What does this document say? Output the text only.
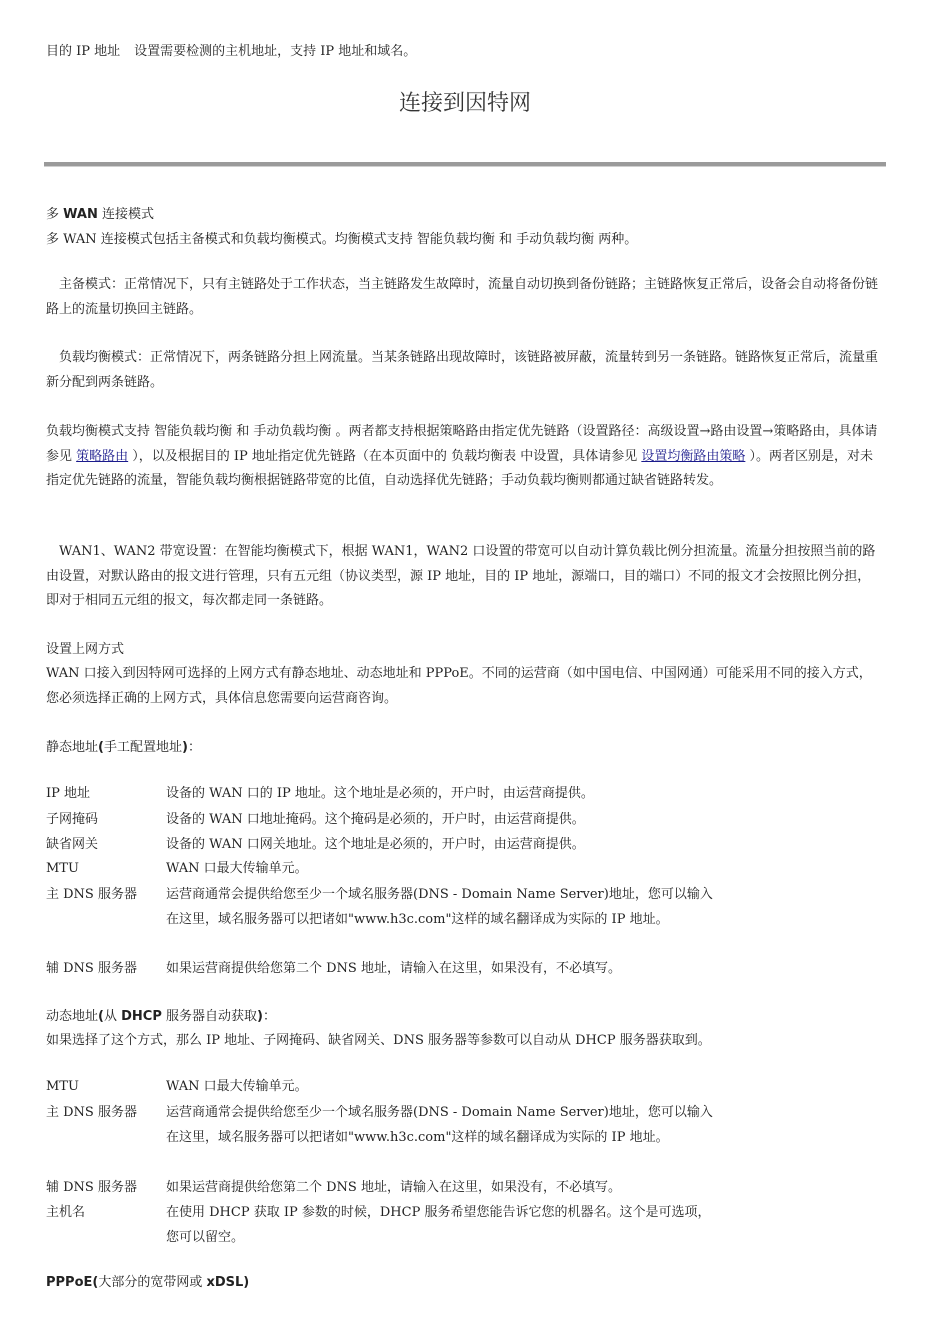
目的 IP 地址 设置需要检测的主机地址，支持 IP 地址和域名。
连接到因特网
多 WAN 连接模式
多 WAN 连接模式包括主备模式和负载均衡模式。均衡模式支持 智能负载均衡 和 手动负载均衡 两种。
主备模式：正常情况下，只有主链路处于工作状态，当主链路发生故障时，流量自动切换到备份链路；主链路恢复正常后，设备会自动将备份链路上的流量切换回主链路。
负载均衡模式：正常情况下，两条链路分担上网流量。当某条链路出现故障时，该链路被屏蔽，流量转到另一条链路。链路恢复正常后，流量重新分配到两条链路。
负载均衡模式支持 智能负载均衡 和 手动负载均衡 。两者都支持根据策略路由指定优先链路（设置路径：高级设置→路由设置→策略路由，具体请参见 策略路由 ），以及根据目的 IP 地址指定优先链路（在本页面中的 负载均衡表 中设置，具体请参见 设置均衡路由策略 ）。两者区别是，对未指定优先链路的流量，智能负载均衡根据链路带宽的比值，自动选择优先链路；手动负载均衡则都通过缺省链路转发。
WAN1、WAN2 带宽设置：在智能均衡模式下，根据 WAN1，WAN2 口设置的带宽可以自动计算负载比例分担流量。流量分担按照当前的路由设置，对默认路由的报文进行管理，只有五元组（协议类型，源 IP 地址，目的 IP 地址，源端口，目的端口）不同的报文才会按照比例分担，即对于相同五元组的报文，每次都走同一条链路。
设置上网方式
WAN 口接入到因特网可选择的上网方式有静态地址、动态地址和 PPPoE。不同的运营商（如中国电信、中国网通）可能采用不同的接入方式，您必须选择正确的上网方式，具体信息您需要向运营商咨询。
静态地址(手工配置地址)：
IP 地址	设备的 WAN 口的 IP 地址。这个地址是必须的，开户时，由运营商提供。
子网掩码	设备的 WAN 口地址掩码。这个掩码是必须的，开户时，由运营商提供。
缺省网关	设备的 WAN 口网关地址。这个地址是必须的，开户时，由运营商提供。
MTU	WAN 口最大传输单元。
主 DNS 服务器	运营商通常会提供给您至少一个域名服务器(DNS - Domain Name Server)地址，您可以输入在这里，域名服务器可以把诸如"www.h3c.com"这样的域名翻译成为实际的 IP 地址。
辅 DNS 服务器	如果运营商提供给您第二个 DNS 地址，请输入在这里，如果没有，不必填写。
动态地址(从 DHCP 服务器自动获取)：
如果选择了这个方式，那么 IP 地址、子网掩码、缺省网关、DNS 服务器等参数可以自动从 DHCP 服务器获取到。
MTU	WAN 口最大传输单元。
主 DNS 服务器	运营商通常会提供给您至少一个域名服务器(DNS - Domain Name Server)地址，您可以输入在这里，域名服务器可以把诸如"www.h3c.com"这样的域名翻译成为实际的 IP 地址。
辅 DNS 服务器	如果运营商提供给您第二个 DNS 地址，请输入在这里，如果没有，不必填写。
主机名	在使用 DHCP 获取 IP 参数的时候，DHCP 服务希望您能告诉它您的机器名。这个是可选项，您可以留空。
PPPoE(大部分的宽带网或 xDSL)
